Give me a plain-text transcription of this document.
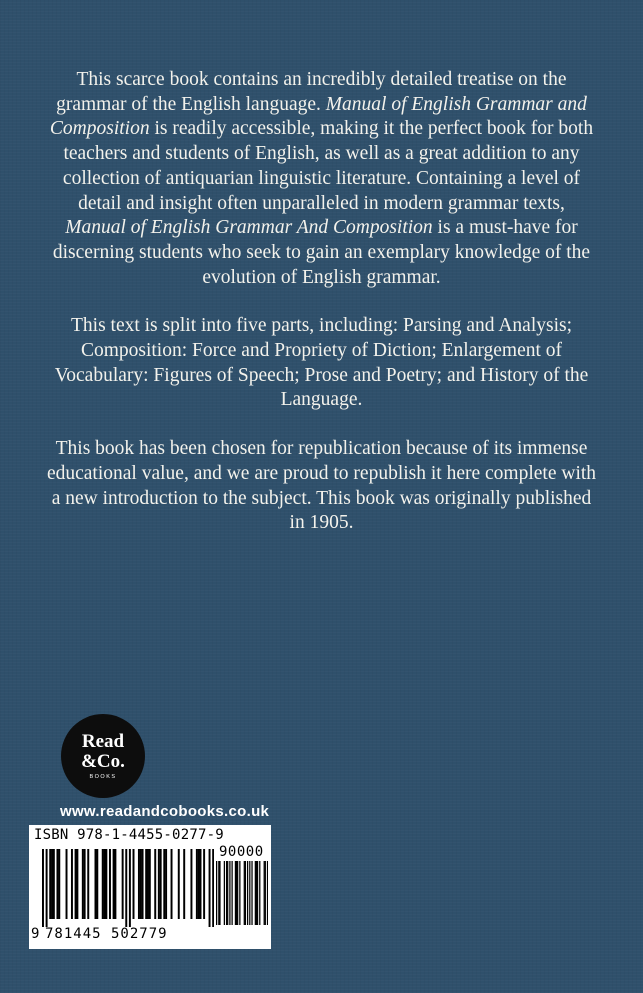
This scarce book contains an incredibly detailed treatise on the grammar of the English language. Manual of English Grammar and Composition is readily accessible, making it the perfect book for both teachers and students of English, as well as a great addition to any collection of antiquarian linguistic literature. Containing a level of detail and insight often unparalleled in modern grammar texts, Manual of English Grammar And Composition is a must-have for discerning students who seek to gain an exemplary knowledge of the evolution of English grammar.

This text is split into five parts, including: Parsing and Analysis; Composition: Force and Propriety of Diction; Enlargement of Vocabulary: Figures of Speech; Prose and Poetry; and History of the Language.

This book has been chosen for republication because of its immense educational value, and we are proud to republish it here complete with a new introduction to the subject. This book was originally published in 1905.

Read
&Co.
BOOKS
www.readandcobooks.co.uk
ISBN 978-1-4455-0277-9
90000
9 781445 502779
